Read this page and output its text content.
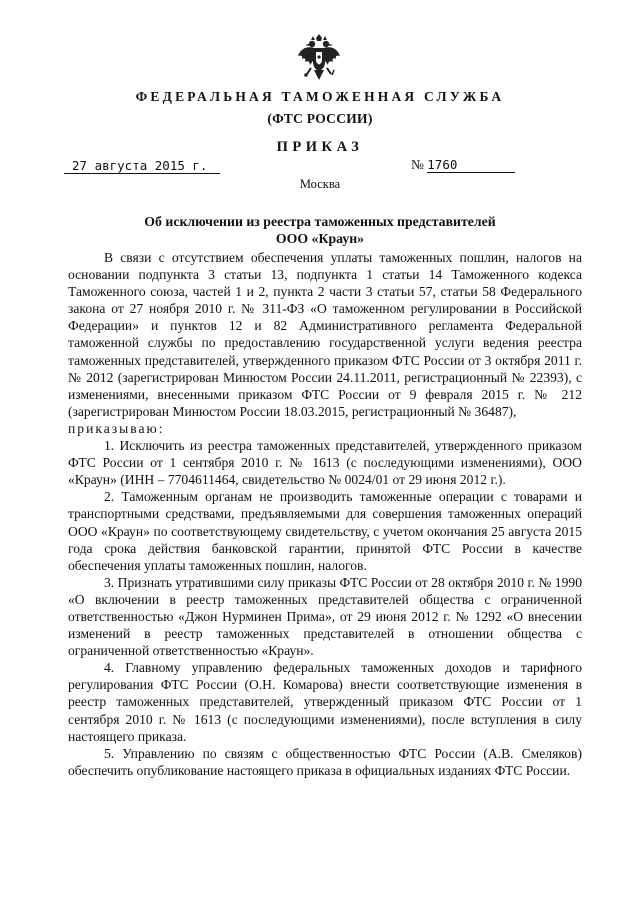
ФЕДЕРАЛЬНАЯ ТАМОЖЕННАЯ СЛУЖБА
(ФТС РОССИИ)
ПРИКАЗ
27 августа 2015 г.	№ 1760
Москва
Об исключении из реестра таможенных представителей
ООО «Краун»

В связи с отсутствием обеспечения уплаты таможенных пошлин, налогов на основании подпункта 3 статьи 13, подпункта 1 статьи 14 Таможенного кодекса Таможенного союза, частей 1 и 2, пункта 2 части 3 статьи 57, статьи 58 Федерального закона от 27 ноября 2010 г. № 311-ФЗ «О таможенном регулировании в Российской Федерации» и пунктов 12 и 82 Административного регламента Федеральной таможенной службы по предоставлению государственной услуги ведения реестра таможенных представителей, утвержденного приказом ФТС России от 3 октября 2011 г. № 2012 (зарегистрирован Минюстом России 24.11.2011, регистрационный № 22393), с изменениями, внесенными приказом ФТС России от 9 февраля 2015 г. № 212 (зарегистрирован Минюстом России 18.03.2015, регистрационный № 36487),

приказываю:

1. Исключить из реестра таможенных представителей, утвержденного приказом ФТС России от 1 сентября 2010 г. № 1613 (с последующими изменениями), ООО «Краун» (ИНН – 7704611464, свидетельство № 0024/01 от 29 июня 2012 г.).

2. Таможенным органам не производить таможенные операции с товарами и транспортными средствами, предъявляемыми для совершения таможенных операций ООО «Краун» по соответствующему свидетельству, с учетом окончания 25 августа 2015 года срока действия банковской гарантии, принятой ФТС России в качестве обеспечения уплаты таможенных пошлин, налогов.

3. Признать утратившими силу приказы ФТС России от 28 октября 2010 г. № 1990 «О включении в реестр таможенных представителей общества с ограниченной ответственностью «Джон Нурминен Прима», от 29 июня 2012 г. № 1292 «О внесении изменений в реестр таможенных представителей в отношении общества с ограниченной ответственностью «Краун».

4. Главному управлению федеральных таможенных доходов и тарифного регулирования ФТС России (О.Н. Комарова) внести соответствующие изменения в реестр таможенных представителей, утвержденный приказом ФТС России от 1 сентября 2010 г. № 1613 (с последующими изменениями), после вступления в силу настоящего приказа.

5. Управлению по связям с общественностью ФТС России (А.В. Смеляков) обеспечить опубликование настоящего приказа в официальных изданиях ФТС России.
